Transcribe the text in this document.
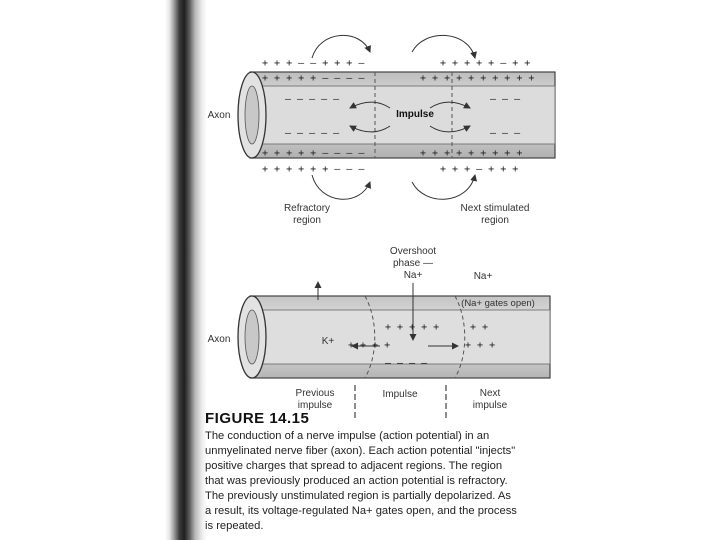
+ + + – – + + + –	+ + + + + – + +
+ + + + + – – – –	+ + + + + + + + + +
– – – – –
– – – – –
– – –
– – –
+ + + + + – – – –	+ + + + + + + + +
+ + + + + + – – –	+ + + – + + +
Axon	Impulse
Refractory
region
Next stimulated
region
+ + + + +	+ +
+ + + +	+ + +
– – – –
Axon
Overshoot
phase —
Na+	Na+
(Na+ gates open)
K+
Previous
impulse
Impulse	Next
impulse
FIGURE 14.15
The conduction of a nerve impulse (action potential) in an
unmyelinated nerve fiber (axon). Each action potential "injects"
positive charges that spread to adjacent regions. The region
that was previously produced an action potential is refractory.
The previously unstimulated region is partially depolarized. As
a result, its voltage-regulated Na+ gates open, and the process
is repeated.
